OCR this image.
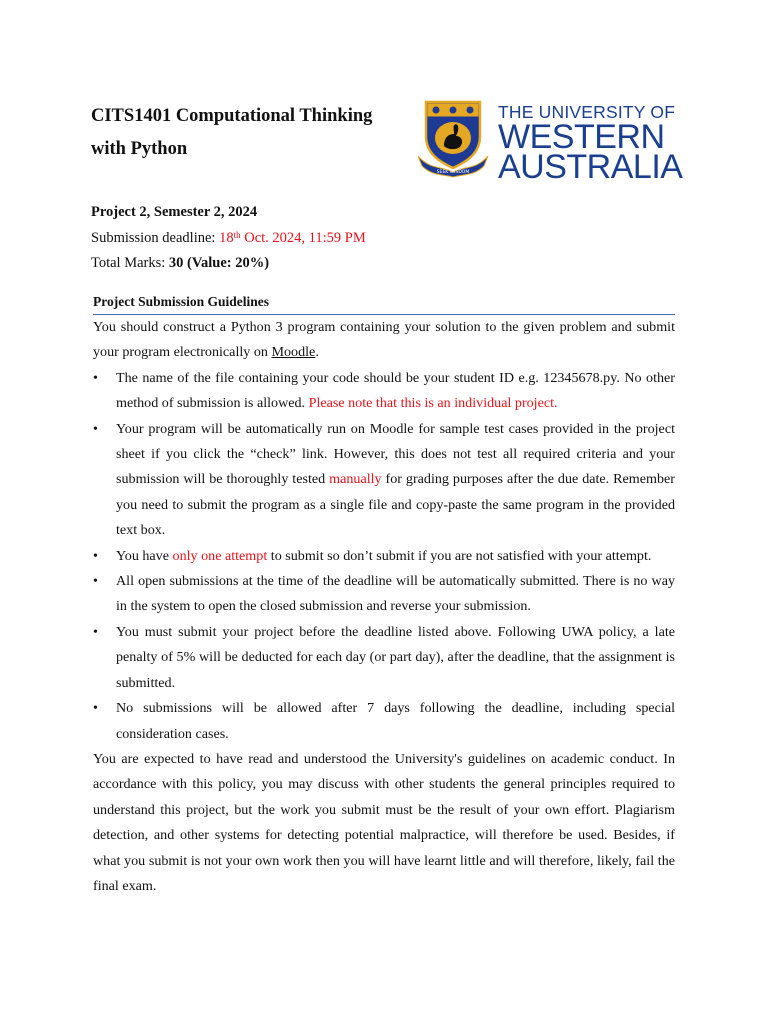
CITS1401 Computational Thinking
with Python
SEEK WISDOM
THE UNIVERSITY OF
WESTERN
AUSTRALIA
Project 2, Semester 2, 2024
Submission deadline: 18th Oct. 2024, 11:59 PM
Total Marks: 30 (Value: 20%)
Project Submission Guidelines

You should construct a Python 3 program containing your solution to the given problem and submit your program electronically on Moodle.

• The name of the file containing your code should be your student ID e.g. 12345678.py. No other method of submission is allowed. Please note that this is an individual project.
• Your program will be automatically run on Moodle for sample test cases provided in the project sheet if you click the “check” link. However, this does not test all required criteria and your submission will be thoroughly tested manually for grading purposes after the due date. Remember you need to submit the program as a single file and copy-paste the same program in the provided text box.
• You have only one attempt to submit so don’t submit if you are not satisfied with your attempt.
• All open submissions at the time of the deadline will be automatically submitted. There is no way in the system to open the closed submission and reverse your submission.
• You must submit your project before the deadline listed above. Following UWA policy, a late penalty of 5% will be deducted for each day (or part day), after the deadline, that the assignment is submitted.
• No submissions will be allowed after 7 days following the deadline, including special consideration cases.

You are expected to have read and understood the University's guidelines on academic conduct. In accordance with this policy, you may discuss with other students the general principles required to understand this project, but the work you submit must be the result of your own effort. Plagiarism detection, and other systems for detecting potential malpractice, will therefore be used. Besides, if what you submit is not your own work then you will have learnt little and will therefore, likely, fail the final exam.
